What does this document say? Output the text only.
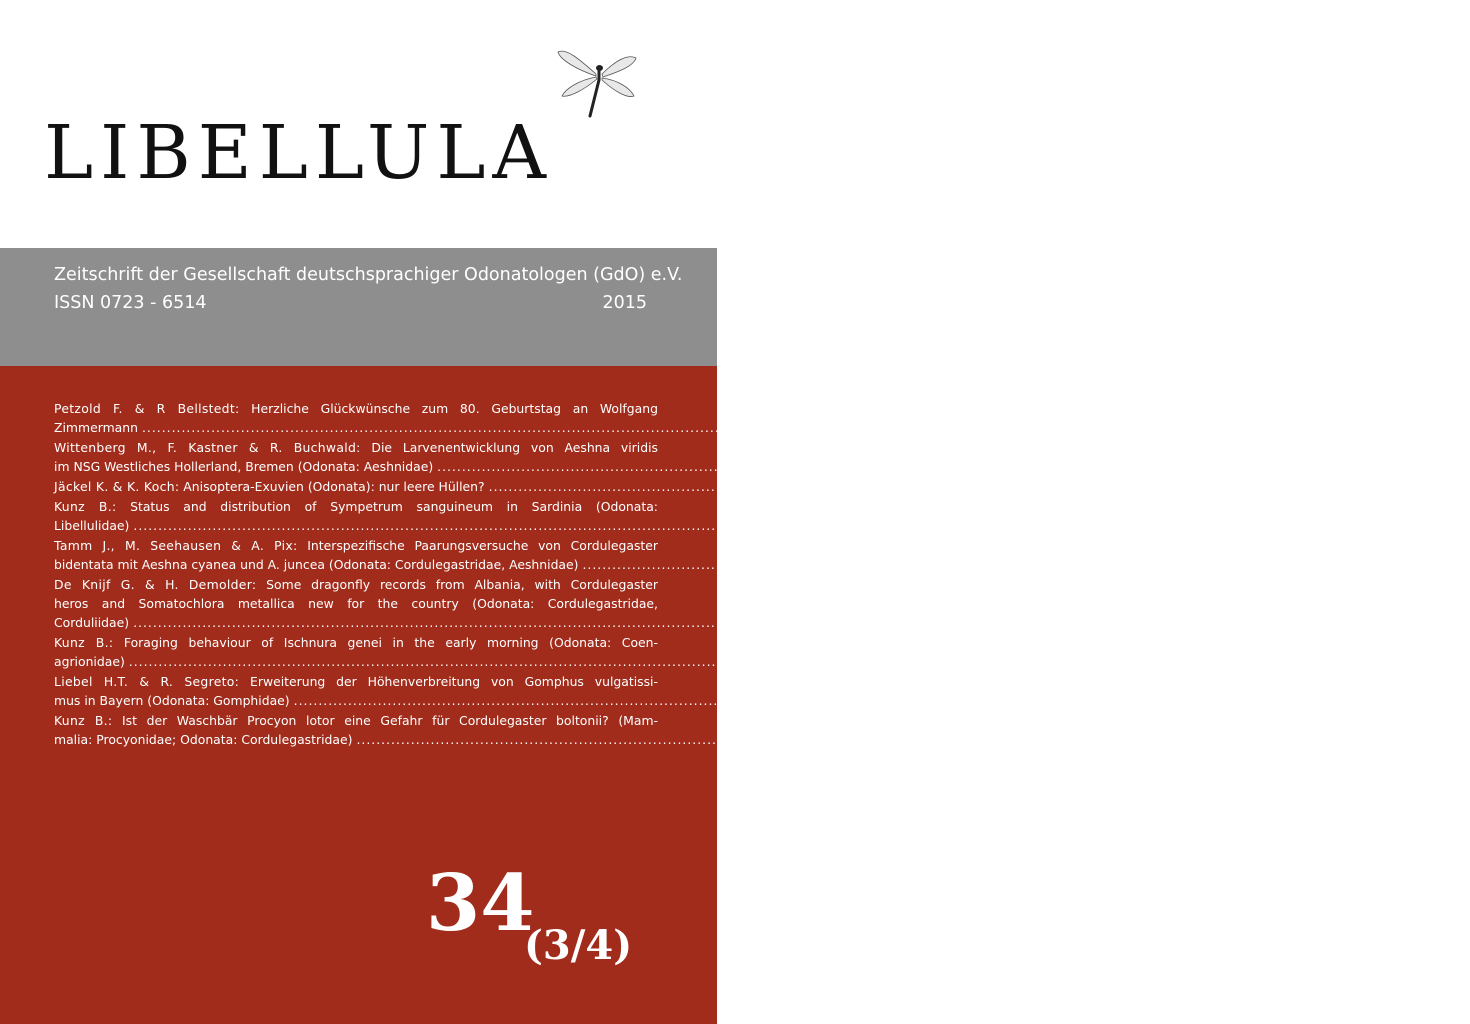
LIBELLULA
Zeitschrift der Gesellschaft deutschsprachiger Odonatologen (GdO) e.V.
ISSN 0723 - 6514	2015
Petzold F. & R Bellstedt: Herzliche Glückwünsche zum 80. Geburtstag an Wolfgang
Zimmermann ........................................................................................................................................................................ 125–126
Wittenberg M., F. Kastner & R. Buchwald: Die Larvenentwicklung von Aeshna viridis
im NSG Westliches Hollerland, Bremen (Odonata: Aeshnidae) ........................................................................................................................................................................ 127–141
Jäckel K. & K. Koch: Anisoptera-Exuvien (Odonata): nur leere Hüllen? ........................................................................................................................................................................ 143–159
Kunz B.: Status and distribution of Sympetrum sanguineum in Sardinia (Odonata:
Libellulidae) ........................................................................................................................................................................ 161–173
Tamm J., M. Seehausen & A. Pix: Interspezifische Paarungsversuche von Cordulegaster
bidentata mit Aeshna cyanea und A. juncea (Odonata: Cordulegastridae, Aeshnidae) ........................................................................................................................................................................ 175–180
De Knijf G. & H. Demolder: Some dragonfly records from Albania, with Cordulegaster
heros and Somatochlora metallica new for the country (Odonata: Cordulegastridae,
Corduliidae) ........................................................................................................................................................................ 181–185
Kunz B.: Foraging behaviour of Ischnura genei in the early morning (Odonata: Coen-
agrionidae) ........................................................................................................................................................................ 187–194
Liebel H.T. & R. Segreto: Erweiterung der Höhenverbreitung von Gomphus vulgatissi-
mus in Bayern (Odonata: Gomphidae) ........................................................................................................................................................................ 195–202
Kunz B.: Ist der Waschbär Procyon lotor eine Gefahr für Cordulegaster boltonii? (Mam-
malia: Procyonidae; Odonata: Cordulegastridae) ........................................................................................................................................................................ 203–207
34
(3/4)
